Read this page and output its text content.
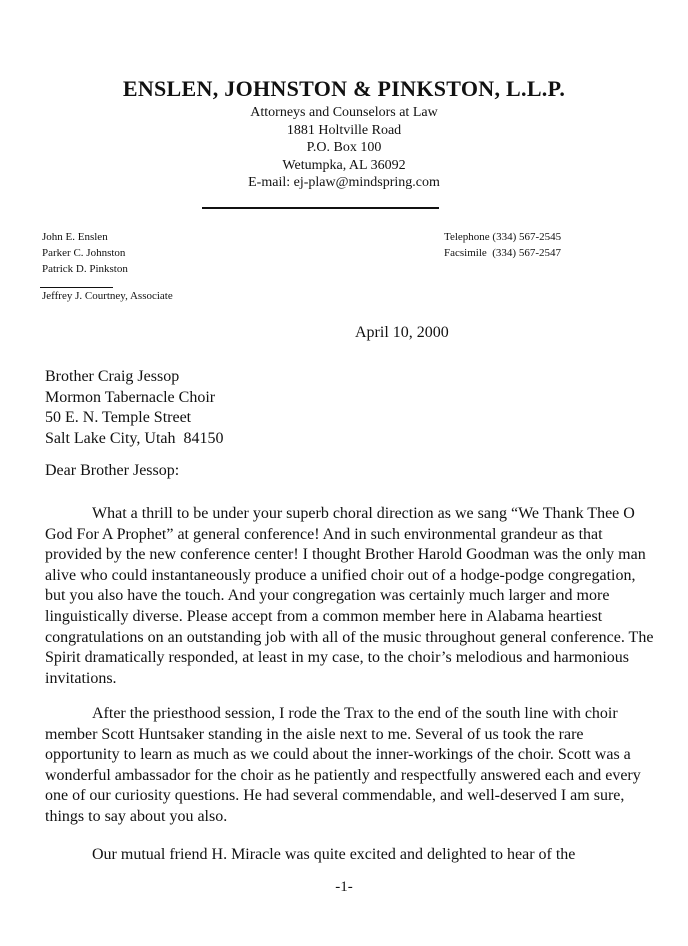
ENSLEN, JOHNSTON & PINKSTON, L.L.P.
Attorneys and Counselors at Law
1881 Holtville Road
P.O. Box 100
Wetumpka, AL 36092
E-mail: ej-plaw@mindspring.com
John E. Enslen
Parker C. Johnston
Patrick D. Pinkston
Telephone (334) 567-2545
Facsimile  (334) 567-2547
Jeffrey J. Courtney, Associate
April 10, 2000
Brother Craig Jessop
Mormon Tabernacle Choir
50 E. N. Temple Street
Salt Lake City, Utah  84150
Dear Brother Jessop:

What a thrill to be under your superb choral direction as we sang “We Thank Thee O God For A Prophet” at general conference! And in such environmental grandeur as that provided by the new conference center! I thought Brother Harold Goodman was the only man alive who could instantaneously produce a unified choir out of a hodge-podge congregation, but you also have the touch. And your congregation was certainly much larger and more linguistically diverse. Please accept from a common member here in Alabama heartiest congratulations on an outstanding job with all of the music throughout general conference. The Spirit dramatically responded, at least in my case, to the choir’s melodious and harmonious invitations.

After the priesthood session, I rode the Trax to the end of the south line with choir member Scott Huntsaker standing in the aisle next to me. Several of us took the rare opportunity to learn as much as we could about the inner-workings of the choir. Scott was a wonderful ambassador for the choir as he patiently and respectfully answered each and every one of our curiosity questions. He had several commendable, and well-deserved I am sure, things to say about you also.

Our mutual friend H. Miracle was quite excited and delighted to hear of the

-1-
